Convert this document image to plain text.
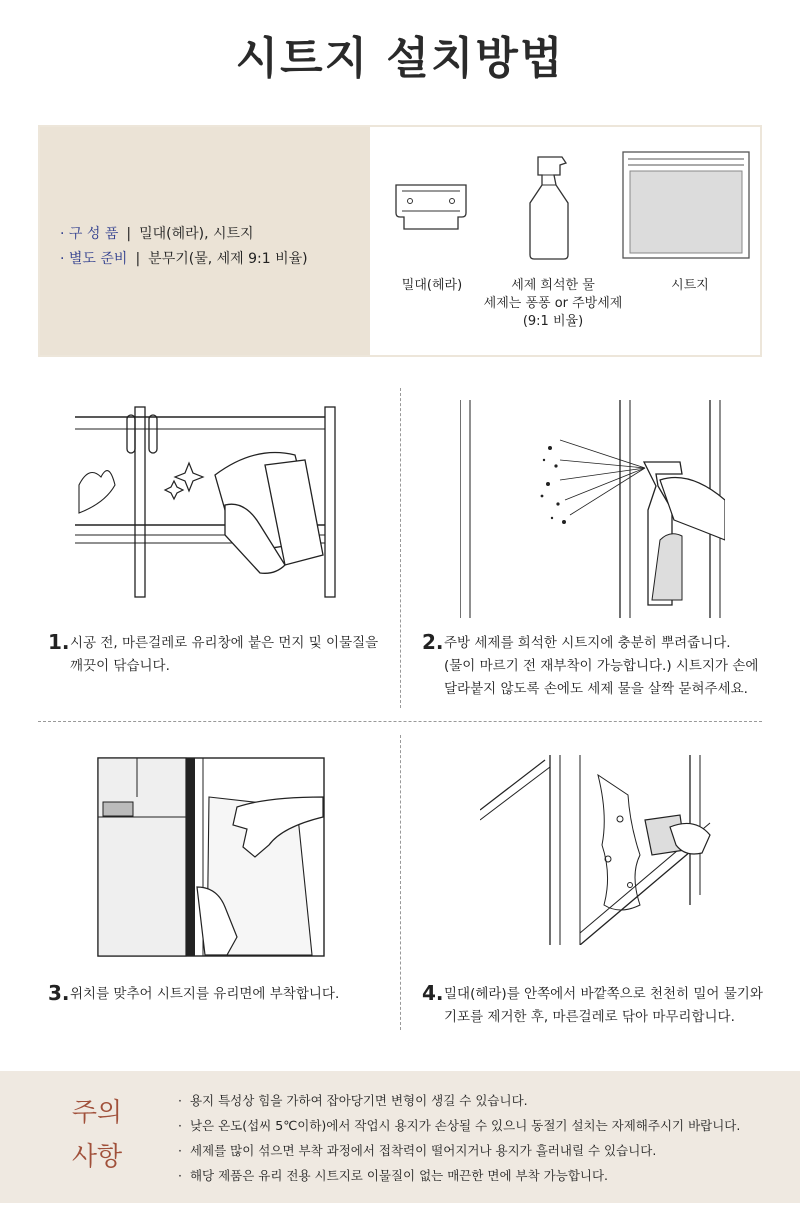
시트지 설치방법
· 구 성 품 | 밀대(헤라), 시트지
· 별도 준비 | 분무기(물, 세제 9:1 비율)
밀대(헤라)	세제 희석한 물
세제는 퐁퐁 or 주방세제
(9:1 비율)
시트지
1. 시공 전, 마른걸레로 유리창에 붙은 먼지 및 이물질을
깨끗이 닦습니다.
2. 주방 세제를 희석한 시트지에 충분히 뿌려줍니다.
(물이 마르기 전 재부착이 가능합니다.) 시트지가 손에
달라붙지 않도록 손에도 세제 물을 살짝 묻혀주세요.
3. 위치를 맞추어 시트지를 유리면에 부착합니다.	4. 밀대(헤라)를 안쪽에서 바깥쪽으로 천천히 밀어 물기와
기포를 제거한 후, 마른걸레로 닦아 마무리합니다.
주의
사항
· 용지 특성상 힘을 가하여 잡아당기면 변형이 생길 수 있습니다.
· 낮은 온도(섭씨 5℃이하)에서 작업시 용지가 손상될 수 있으니 동절기 설치는 자제해주시기 바랍니다.
· 세제를 많이 섞으면 부착 과정에서 접착력이 떨어지거나 용지가 흘러내릴 수 있습니다.
· 해당 제품은 유리 전용 시트지로 이물질이 없는 매끈한 면에 부착 가능합니다.
